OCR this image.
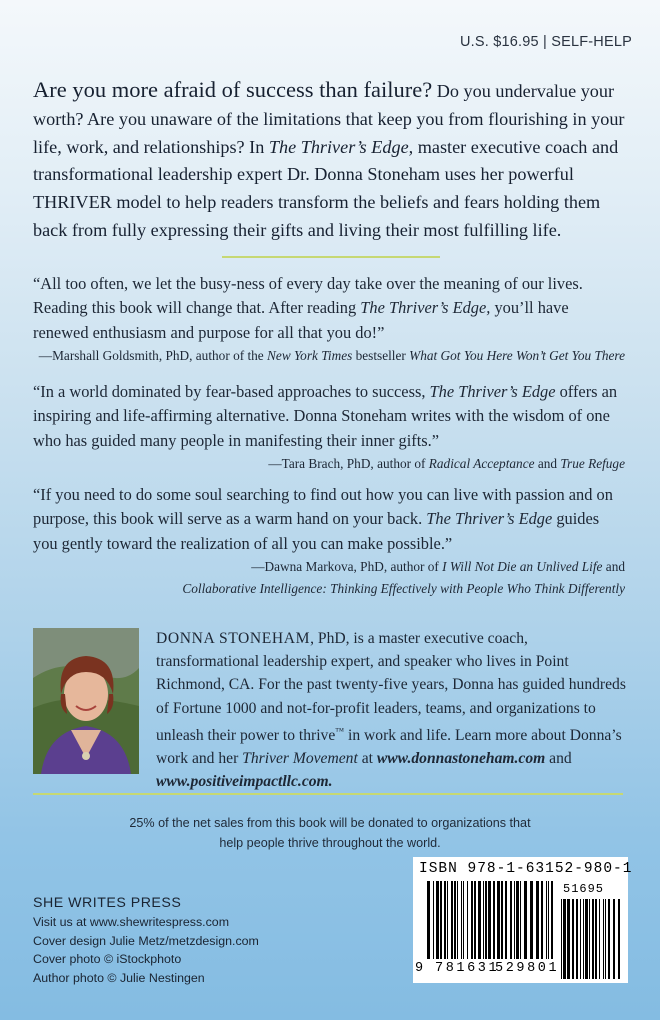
U.S. $16.95 | SELF-HELP
Are you more afraid of success than failure? Do you undervalue your worth? Are you unaware of the limitations that keep you from flourishing in your life, work, and relationships? In The Thriver’s Edge, master executive coach and transformational leadership expert Dr. Donna Stoneham uses her powerful THRIVER model to help readers transform the beliefs and fears holding them back from fully expressing their gifts and living their most fulfilling life.
“All too often, we let the busy-ness of every day take over the meaning of our lives. Reading this book will change that. After reading The Thriver’s Edge, you’ll have renewed enthusiasm and purpose for all that you do!”
—Marshall Goldsmith, PhD, author of the New York Times bestseller What Got You Here Won’t Get You There
“In a world dominated by fear-based approaches to success, The Thriver’s Edge offers an inspiring and life-affirming alternative. Donna Stoneham writes with the wisdom of one who has guided many people in manifesting their inner gifts.”
—Tara Brach, PhD, author of Radical Acceptance and True Refuge
“If you need to do some soul searching to find out how you can live with passion and on purpose, this book will serve as a warm hand on your back. The Thriver’s Edge guides you gently toward the realization of all you can make possible.”
—Dawna Markova, PhD, author of I Will Not Die an Unlived Life and
Collaborative Intelligence: Thinking Effectively with People Who Think Differently
DONNA STONEHAM, PhD, is a master executive coach, transformational leadership expert, and speaker who lives in Point Richmond, CA. For the past twenty-five years, Donna has guided hundreds of Fortune 1000 and not-for-profit leaders, teams, and organizations to unleash their power to thrive™ in work and life. Learn more about Donna’s work and her Thriver Movement at www.donnastoneham.com and www.positiveimpactllc.com.
25% of the net sales from this book will be donated to organizations that
help people thrive throughout the world.
SHE WRITES PRESS
Visit us at www.shewritespress.com
Cover design Julie Metz/metzdesign.com
Cover photo © iStockphoto
Author photo © Julie Nestingen
ISBN 978-1-63152-980-1
51695
9 781631
529801
